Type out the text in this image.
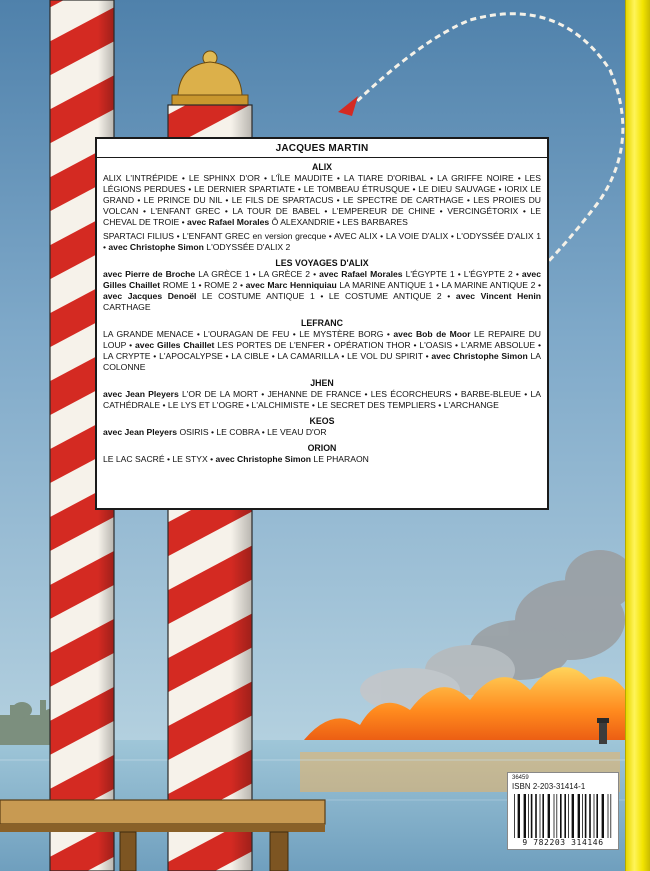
JACQUES MARTIN
ALIX
ALIX L'INTRÉPIDE • LE SPHINX D'OR • L'ÎLE MAUDITE • LA TIARE D'ORIBAL • LA GRIFFE NOIRE • LES LÉGIONS PERDUES • LE DERNIER SPARTIATE • LE TOMBEAU ÉTRUSQUE • LE DIEU SAUVAGE • IORIX LE GRAND • LE PRINCE DU NIL • LE FILS DE SPARTACUS • LE SPECTRE DE CARTHAGE • LES PROIES DU VOLCAN • L'ENFANT GREC • LA TOUR DE BABEL • L'EMPEREUR DE CHINE • VERCINGÉTORIX • LE CHEVAL DE TROIE • avec Rafael Morales Ô ALEXANDRIE • LES BARBARES
SPARTACI FILIUS • L'ENFANT GREC en version grecque • AVEC ALIX • LA VOIE D'ALIX • L'ODYSSÉE D'ALIX 1 • avec Christophe Simon L'ODYSSÉE D'ALIX 2
LES VOYAGES D'ALIX
avec Pierre de Broche LA GRÈCE 1 • LA GRÈCE 2 • avec Rafael Morales L'ÉGYPTE 1 • L'ÉGYPTE 2 • avec Gilles Chaillet ROME 1 • ROME 2 • avec Marc Henniquiau LA MARINE ANTIQUE 1 • LA MARINE ANTIQUE 2 • avec Jacques Denoël LE COSTUME ANTIQUE 1 • LE COSTUME ANTIQUE 2 • avec Vincent Henin CARTHAGE
LEFRANC
LA GRANDE MENACE • L'OURAGAN DE FEU • LE MYSTÈRE BORG • avec Bob de Moor LE REPAIRE DU LOUP • avec Gilles Chaillet LES PORTES DE L'ENFER • OPÉRATION THOR • L'OASIS • L'ARME ABSOLUE • LA CRYPTE • L'APOCALYPSE • LA CIBLE • LA CAMARILLA • LE VOL DU SPIRIT • avec Christophe Simon LA COLONNE
JHEN
avec Jean Pleyers L'OR DE LA MORT • JEHANNE DE FRANCE • LES ÉCORCHEURS • BARBE-BLEUE • LA CATHÉDRALE • LE LYS ET L'OGRE • L'ALCHIMISTE • LE SECRET DES TEMPLIERS • L'ARCHANGE
KEOS
avec Jean Pleyers OSIRIS • LE COBRA • LE VEAU D'OR
ORION
LE LAC SACRÉ • LE STYX • avec Christophe Simon LE PHARAON
36459
ISBN 2-203-31414-1
9 782203 314146
